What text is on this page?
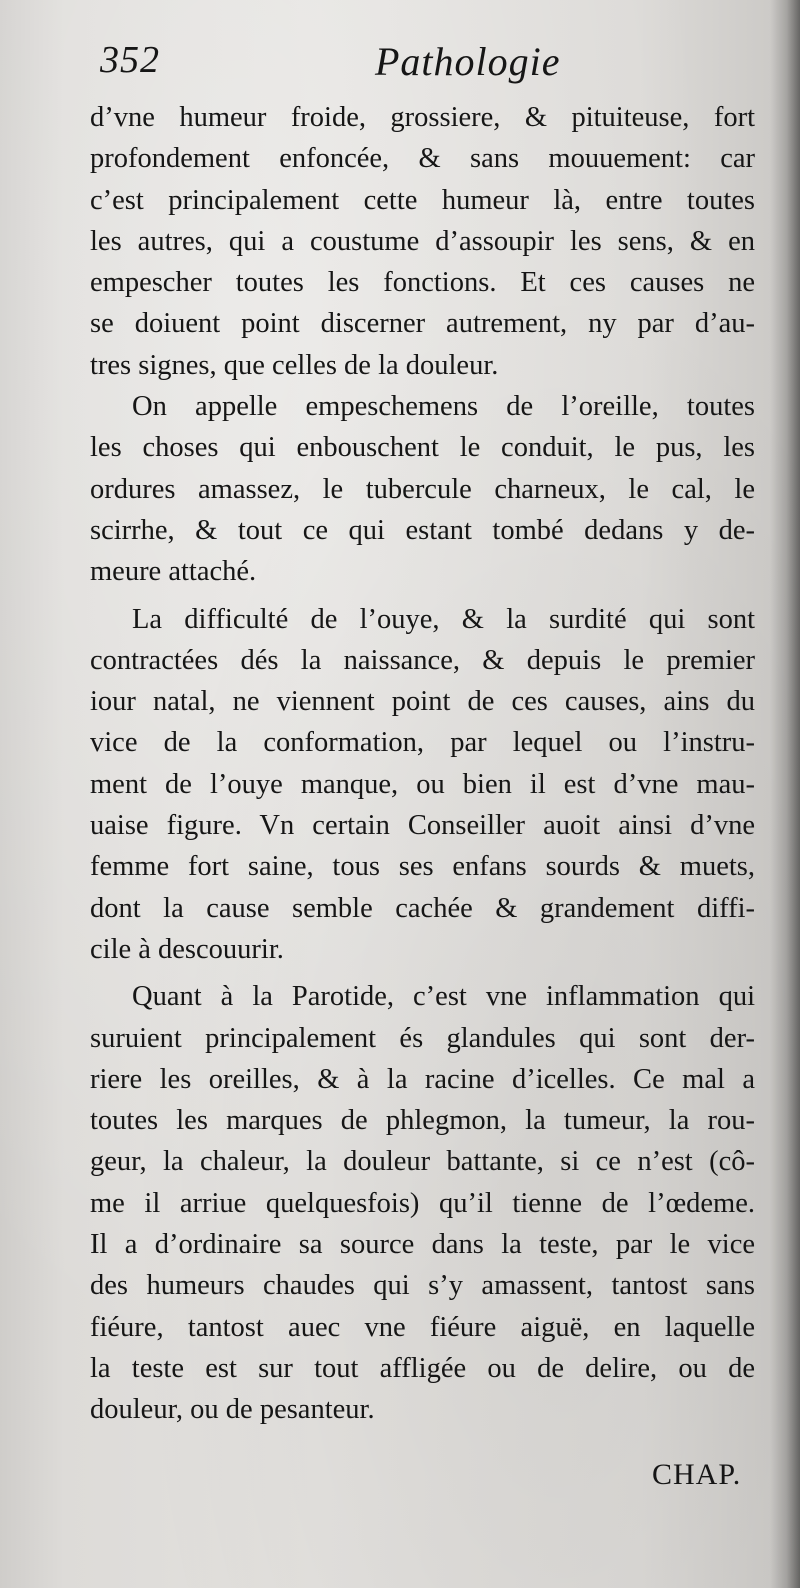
352	Pathologie
d’vne humeur froide, grossiere, & pituiteuse, fort
profondement enfoncée, & sans mouuement: car
c’est principalement cette humeur là, entre toutes
les autres, qui a coustume d’assoupir les sens, & en
empescher toutes les fonctions. Et ces causes ne
se doiuent point discerner autrement, ny par d’au-
tres signes, que celles de la douleur.
On appelle empeschemens de l’oreille, toutes
les choses qui enbouschent le conduit, le pus, les
ordures amassez, le tubercule charneux, le cal, le
scirrhe, & tout ce qui estant tombé dedans y de-
meure attaché.
La difficulté de l’ouye, & la surdité qui sont
contractées dés la naissance, & depuis le premier
iour natal, ne viennent point de ces causes, ains du
vice de la conformation, par lequel ou l’instru-
ment de l’ouye manque, ou bien il est d’vne mau-
uaise figure. Vn certain Conseiller auoit ainsi d’vne
femme fort saine, tous ses enfans sourds & muets,
dont la cause semble cachée & grandement diffi-
cile à descouurir.
Quant à la Parotide, c’est vne inflammation qui
suruient principalement és glandules qui sont der-
riere les oreilles, & à la racine d’icelles. Ce mal a
toutes les marques de phlegmon, la tumeur, la rou-
geur, la chaleur, la douleur battante, si ce n’est (cô-
me il arriue quelquesfois) qu’il tienne de l’œdeme.
Il a d’ordinaire sa source dans la teste, par le vice
des humeurs chaudes qui s’y amassent, tantost sans
fiéure, tantost auec vne fiéure aiguë, en laquelle
la teste est sur tout affligée ou de delire, ou de
douleur, ou de pesanteur.
CHAP.
